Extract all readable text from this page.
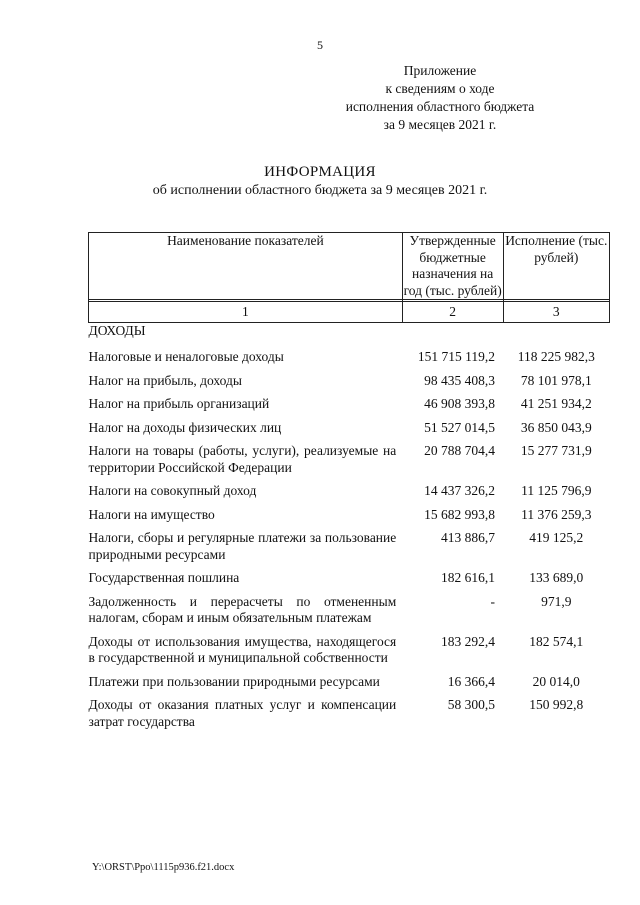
5
Приложение
к сведениям о ходе
исполнения областного бюджета
за 9 месяцев 2021 г.
ИНФОРМАЦИЯ
об исполнении областного бюджета за 9 месяцев 2021 г.
Наименование показателей	Утвержденные бюджетные назначения на год (тыс. рублей)	Исполнение (тыс. рублей)

1	2	3
ДОХОДЫ		
Налоговые и неналоговые доходы	151 715 119,2	118 225 982,3
Налог на прибыль, доходы	98 435 408,3	78 101 978,1
Налог на прибыль организаций	46 908 393,8	41 251 934,2
Налог на доходы физических лиц	51 527 014,5	36 850 043,9
Налоги на товары (работы, услуги), реализуемые на территории Российской Федерации	20 788 704,4	15 277 731,9
Налоги на совокупный доход	14 437 326,2	11 125 796,9
Налоги на имущество	15 682 993,8	11 376 259,3
Налоги, сборы и регулярные платежи за пользование природными ресурсами	413 886,7	419 125,2
Государственная пошлина	182 616,1	133 689,0
Задолженность и перерасчеты по отмененным налогам, сборам и иным обязательным платежам	-	971,9
Доходы от использования имущества, находящегося в государственной и муниципальной собственности	183 292,4	182 574,1
Платежи при пользовании природными ресурсами	16 366,4	20 014,0
Доходы от оказания платных услуг и компенсации затрат государства	58 300,5	150 992,8
Y:\ORST\Ppo\1115p936.f21.docx
